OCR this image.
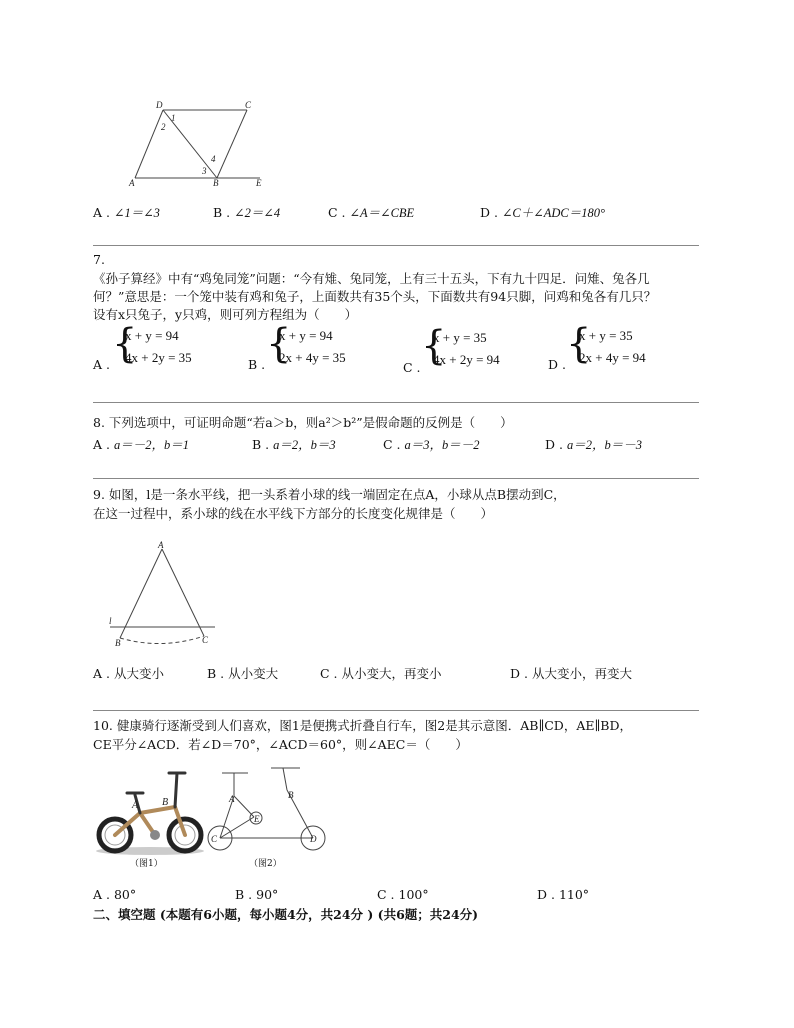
D	C
A	B	E
1
2
4
3
A . ∠1＝∠3	B . ∠2＝∠4	C . ∠A＝∠CBE	D . ∠C＋∠ADC＝180°
7.
《孙子算经》中有“鸡兔同笼”问题：“今有雉、兔同笼，上有三十五头，下有九十四足．问雉、兔各几
何？”意思是：一个笼中装有鸡和兔子，上面数共有35个头，下面数共有94只脚，问鸡和兔各有几只？
设有x只兔子，y只鸡，则可列方程组为（　　）
A . {
x + y = 94
4x + 2y = 35	B . {
x + y = 94
2x + 4y = 35
C . {
x + y = 35
4x + 2y = 94	D . {
x + y = 35
2x + 4y = 94
8. 下列选项中，可证明命题“若a＞b，则a²＞b²”是假命题的反例是（　　）
A . a＝－2，b＝1	B . a＝2，b＝3	C . a＝3，b＝－2	D . a＝2，b＝－3
9. 如图，l是一条水平线，把一头系着小球的线一端固定在点A，小球从点B摆动到C，
在这一过程中，系小球的线在水平线下方部分的长度变化规律是（　　）
A
l
B	C
A . 从大变小	B . 从小变大	C . 从小变大，再变小	D . 从大变小，再变大
10. 健康骑行逐渐受到人们喜欢，图1是便携式折叠自行车，图2是其示意图．AB∥CD，AE∥BD，
CE平分∠ACD．若∠D＝70°，∠ACD＝60°，则∠AEC＝（　　）
A B
（图1）
A	B
E
C	D
（图2）
A . 80°	B . 90°	C . 100°	D . 110°
二、填空题 (本题有6小题，每小题4分，共24分 ) (共6题；共24分)
